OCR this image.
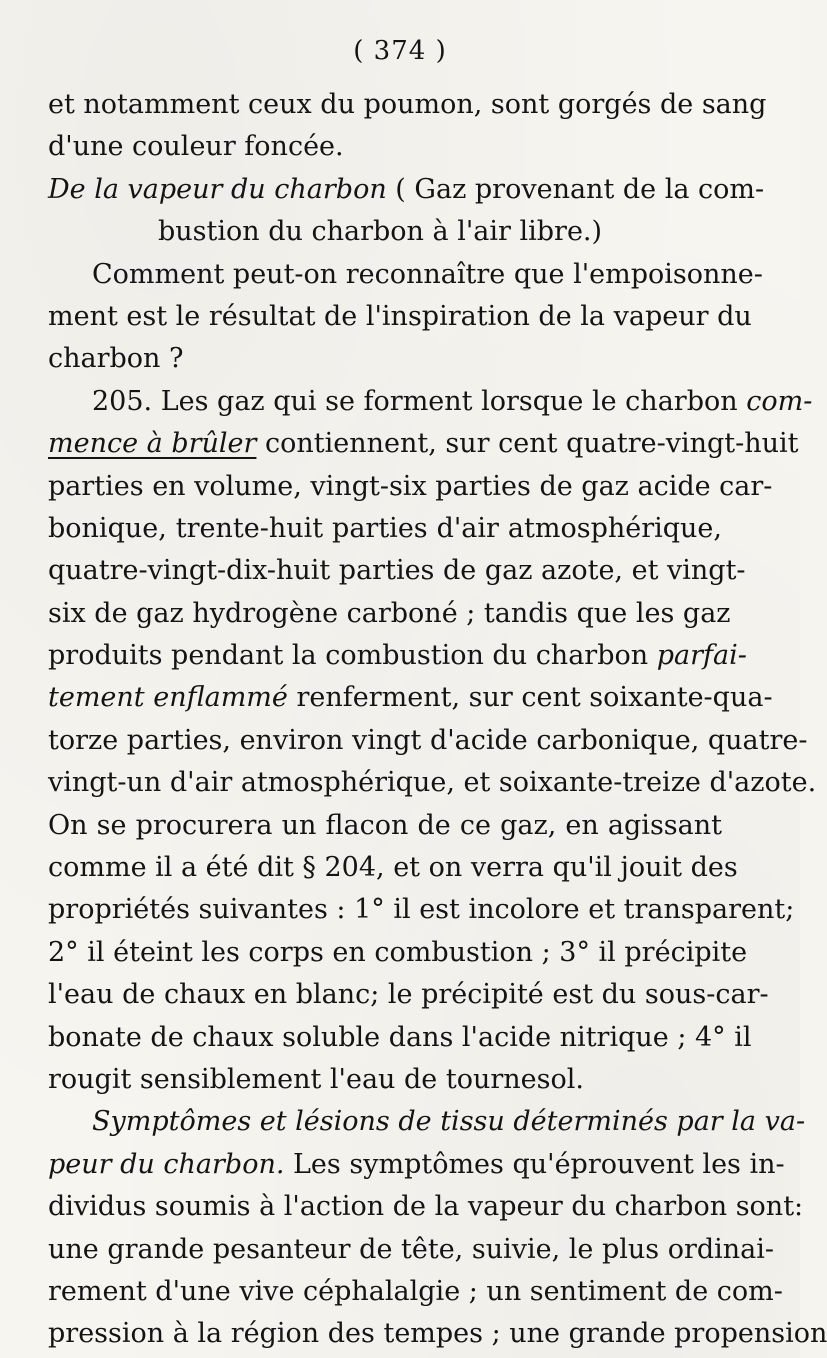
( 374 )
et notamment ceux du poumon, sont gorgés de sang
d'une couleur foncée.
De la vapeur du charbon ( Gaz provenant de la com-
bustion du charbon à l'air libre.)
Comment peut-on reconnaître que l'empoisonne-
ment est le résultat de l'inspiration de la vapeur du
charbon ?
205. Les gaz qui se forment lorsque le charbon com-
mence à brûler contiennent, sur cent quatre-vingt-huit
parties en volume, vingt-six parties de gaz acide car-
bonique, trente-huit parties d'air atmosphérique,
quatre-vingt-dix-huit parties de gaz azote, et vingt-
six de gaz hydrogène carboné ; tandis que les gaz
produits pendant la combustion du charbon parfai-
tement enflammé renferment, sur cent soixante-qua-
torze parties, environ vingt d'acide carbonique, quatre-
vingt-un d'air atmosphérique, et soixante-treize d'azote.
On se procurera un flacon de ce gaz, en agissant
comme il a été dit § 204, et on verra qu'il jouit des
propriétés suivantes : 1° il est incolore et transparent;
2° il éteint les corps en combustion ; 3° il précipite
l'eau de chaux en blanc; le précipité est du sous-car-
bonate de chaux soluble dans l'acide nitrique ; 4° il
rougit sensiblement l'eau de tournesol.
Symptômes et lésions de tissu déterminés par la va-
peur du charbon. Les symptômes qu'éprouvent les in-
dividus soumis à l'action de la vapeur du charbon sont:
une grande pesanteur de tête, suivie, le plus ordinai-
rement d'une vive céphalalgie ; un sentiment de com-
pression à la région des tempes ; une grande propension
